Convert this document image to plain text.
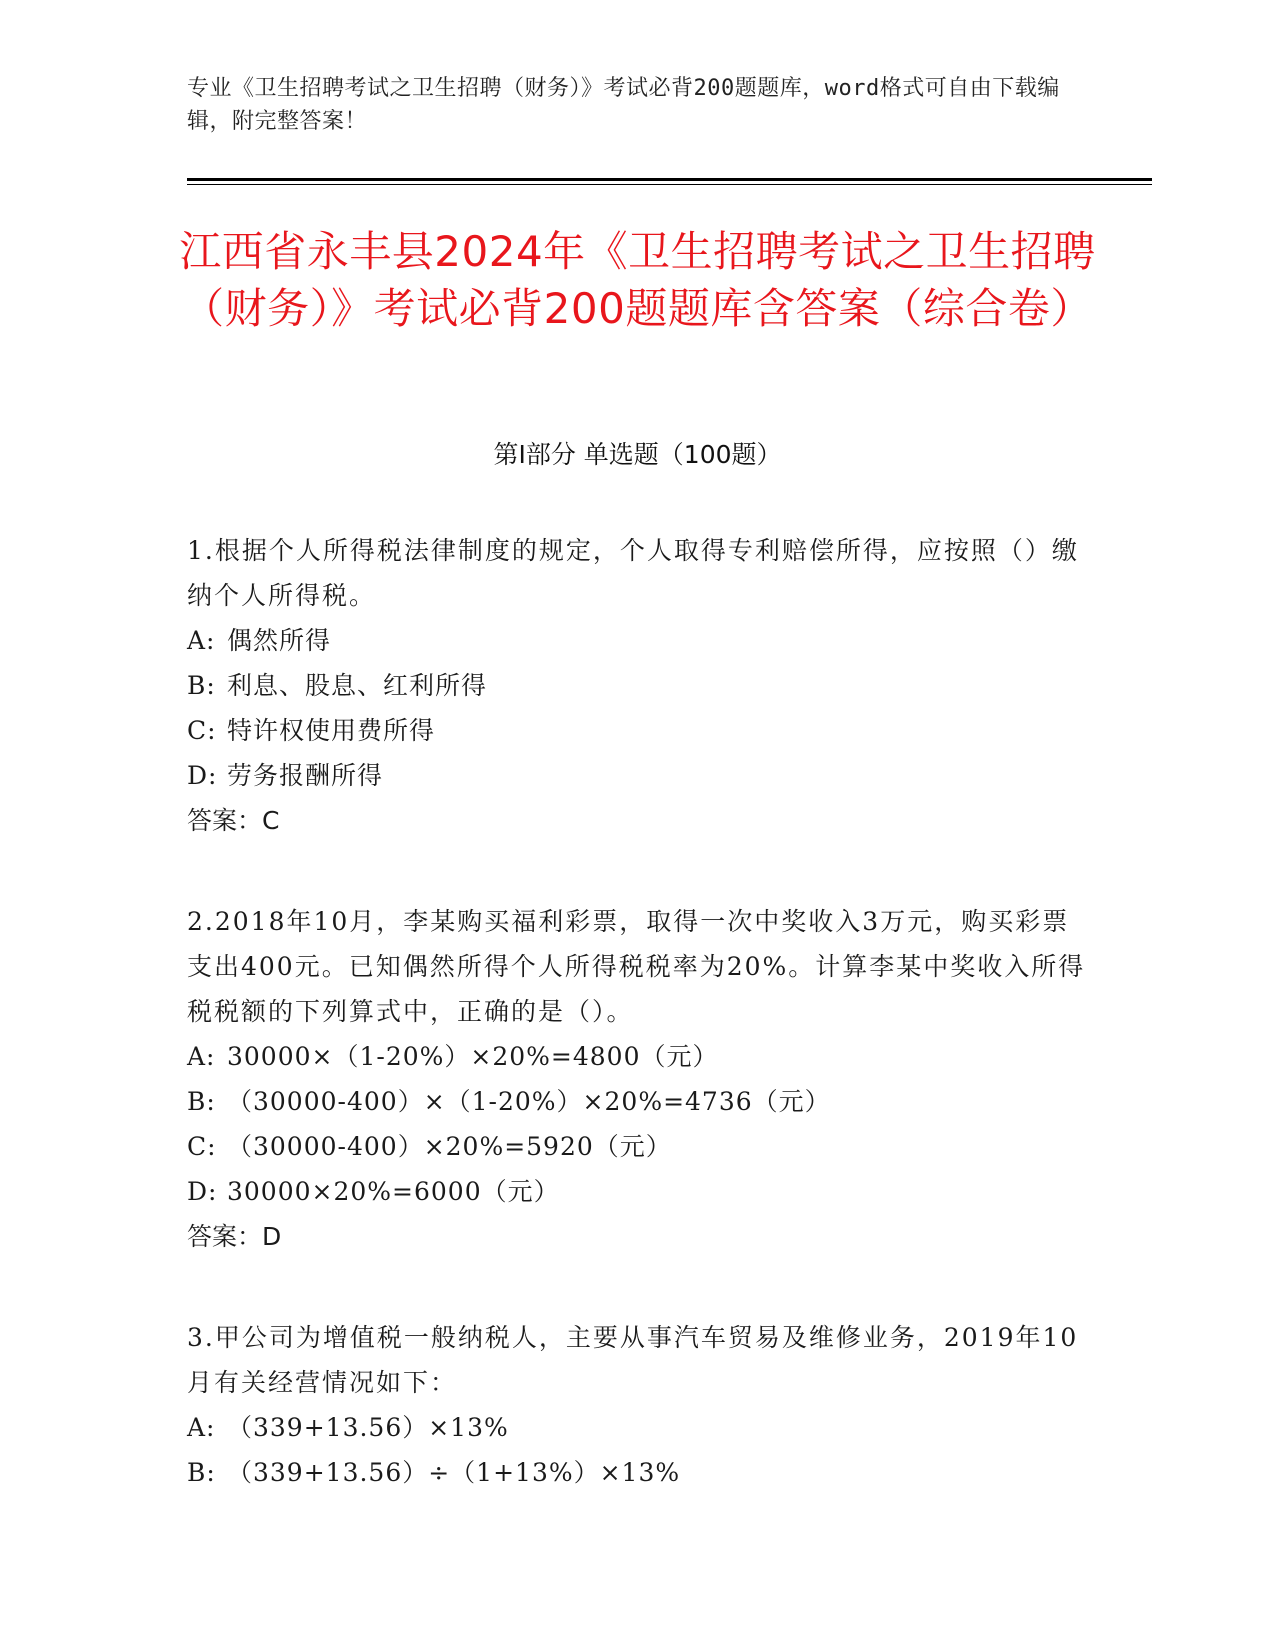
专业《卫生招聘考试之卫生招聘（财务）》考试必背200题题库，word格式可自由下载编辑，附完整答案！
江西省永丰县2024年《卫生招聘考试之卫生招聘（财务）》考试必背200题题库含答案（综合卷）
第Ⅰ部分 单选题（100题）

1.根据个人所得税法律制度的规定，个人取得专利赔偿所得，应按照（）缴纳个人所得税。

A: 偶然所得

B: 利息、股息、红利所得

C: 特许权使用费所得

D: 劳务报酬所得

答案：C

2.2018年10月，李某购买福利彩票，取得一次中奖收入3万元，购买彩票支出400元。已知偶然所得个人所得税税率为20%。计算李某中奖收入所得税税额的下列算式中，正确的是（）。

A: 30000×（1-20%）×20%=4800（元）

B: （30000-400）×（1-20%）×20%=4736（元）

C: （30000-400）×20%=5920（元）

D: 30000×20%=6000（元）

答案：D

3.甲公司为增值税一般纳税人，主要从事汽车贸易及维修业务，2019年10月有关经营情况如下：

A: （339+13.56）×13%

B: （339+13.56）÷（1+13%）×13%
